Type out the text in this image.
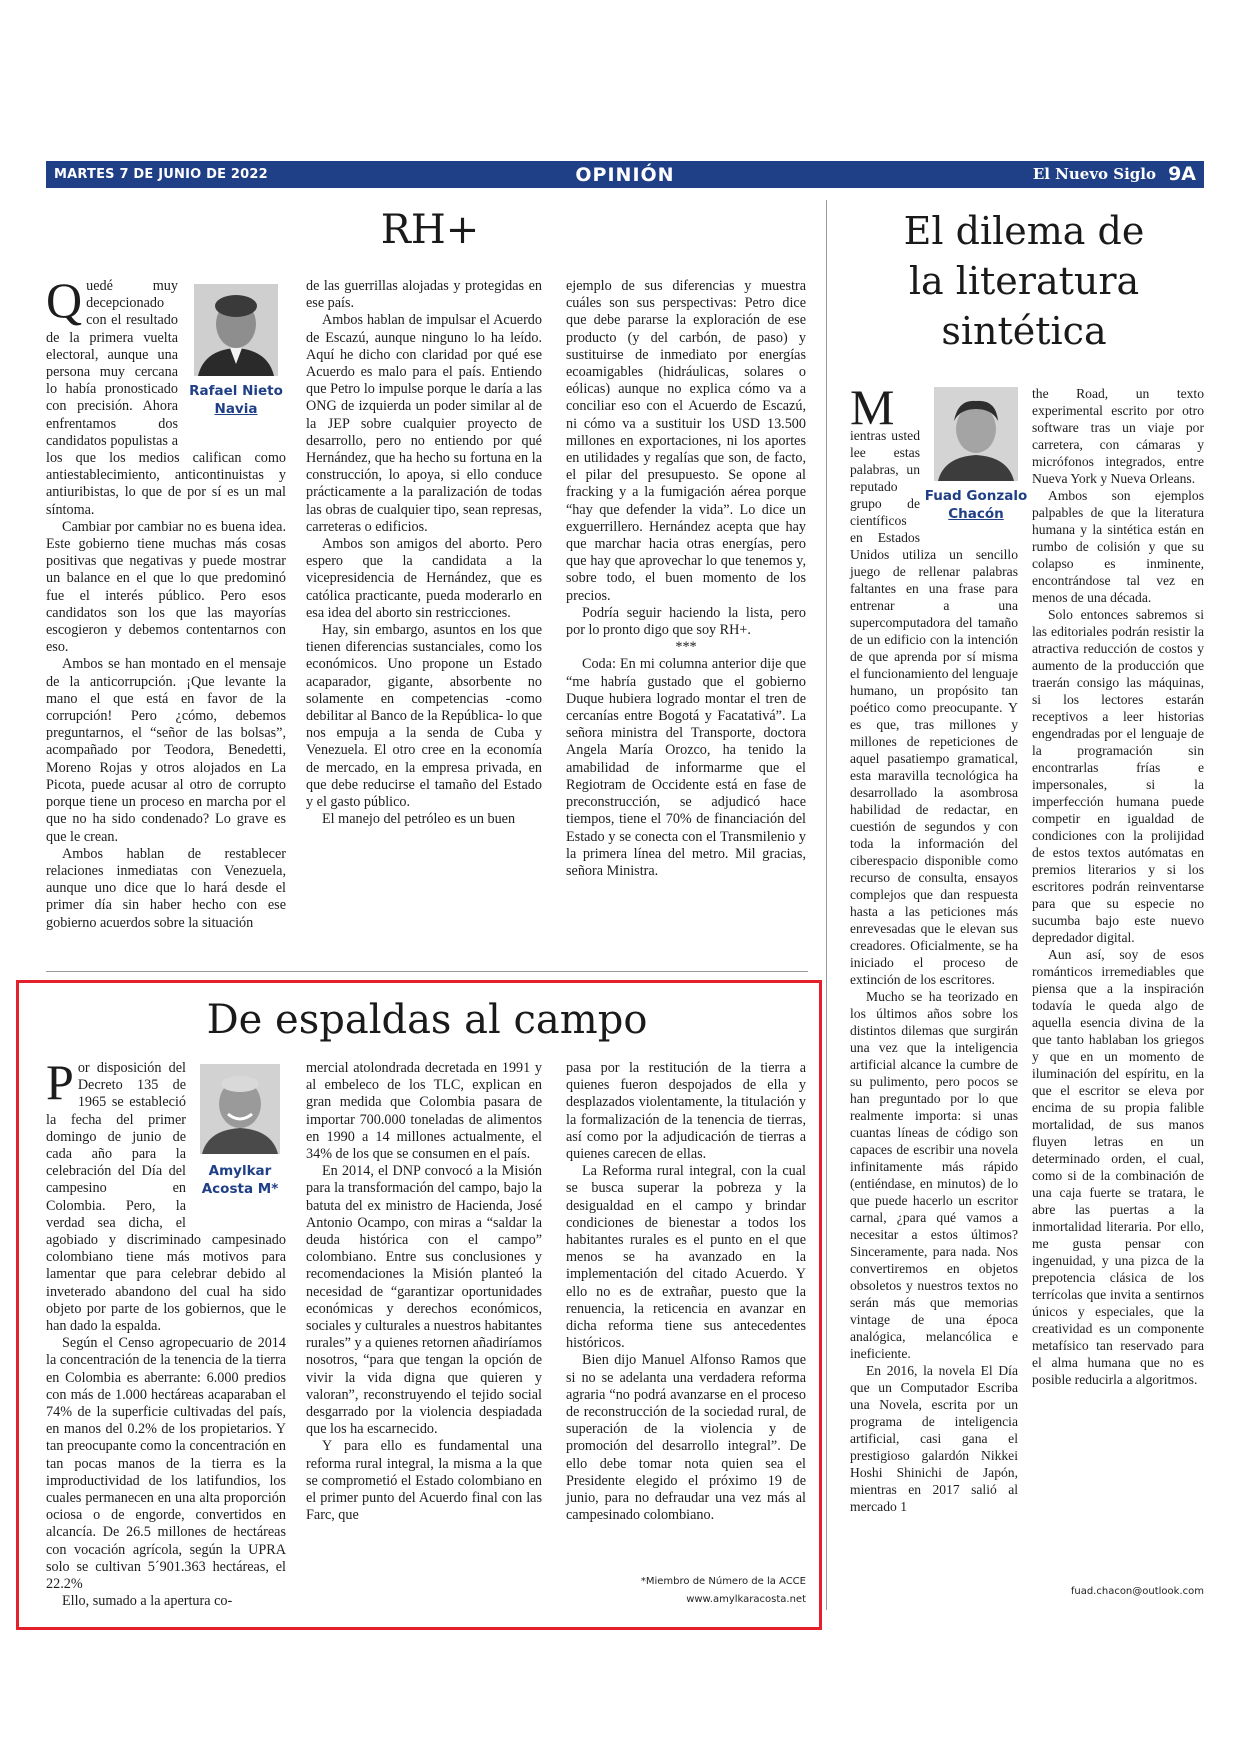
MARTES 7 DE JUNIO DE 2022	OPINIÓN	El Nuevo Siglo 9A
RH+
Rafael Nieto
Navia

Quedé muy decepcionado con el resultado de la primera vuelta electoral, aunque una persona muy cercana lo había pronosticado con precisión. Ahora enfrentamos dos candidatos populistas a los que los medios califican como antiestablecimiento, anticontinuistas y antiuribistas, lo que de por sí es un mal síntoma.

Cambiar por cambiar no es buena idea. Este gobierno tiene muchas más cosas positivas que negativas y puede mostrar un balance en el que lo que predominó fue el interés público. Pero esos candidatos son los que las mayorías escogieron y debemos contentarnos con eso.

Ambos se han montado en el mensaje de la anticorrupción. ¡Que levante la mano el que está en favor de la corrupción! Pero ¿cómo, debemos preguntarnos, el “señor de las bolsas”, acompañado por Teodora, Benedetti, Moreno Rojas y otros alojados en La Picota, puede acusar al otro de corrupto porque tiene un proceso en marcha por el que no ha sido condenado? Lo grave es que le crean.

Ambos hablan de restablecer relaciones inmediatas con Venezuela, aunque uno dice que lo hará desde el primer día sin haber hecho con ese gobierno acuerdos sobre la situación

de las guerrillas alojadas y protegidas en ese país.

Ambos hablan de impulsar el Acuerdo de Escazú, aunque ninguno lo ha leído. Aquí he dicho con claridad por qué ese Acuerdo es malo para el país. Entiendo que Petro lo impulse porque le daría a las ONG de izquierda un poder similar al de la JEP sobre cualquier proyecto de desarrollo, pero no entiendo por qué Hernández, que ha hecho su fortuna en la construcción, lo apoya, si ello conduce prácticamente a la paralización de todas las obras de cualquier tipo, sean represas, carreteras o edificios.

Ambos son amigos del aborto. Pero espero que la candidata a la vicepresidencia de Hernández, que es católica practicante, pueda moderarlo en esa idea del aborto sin restricciones.

Hay, sin embargo, asuntos en los que tienen diferencias sustanciales, como los económicos. Uno propone un Estado acaparador, gigante, absorbente no solamente en competencias -como debilitar al Banco de la República- lo que nos empuja a la senda de Cuba y Venezuela. El otro cree en la economía de mercado, en la empresa privada, en que debe reducirse el tamaño del Estado y el gasto público.

El manejo del petróleo es un buen

ejemplo de sus diferencias y muestra cuáles son sus perspectivas: Petro dice que debe pararse la exploración de ese producto (y del carbón, de paso) y sustituirse de inmediato por energías ecoamigables (hidráulicas, solares o eólicas) aunque no explica cómo va a conciliar eso con el Acuerdo de Escazú, ni cómo va a sustituir los USD 13.500 millones en exportaciones, ni los aportes en utilidades y regalías que son, de facto, el pilar del presupuesto. Se opone al fracking y a la fumigación aérea porque “hay que defender la vida”. Lo dice un exguerrillero. Hernández acepta que hay que marchar hacia otras energías, pero que hay que aprovechar lo que tenemos y, sobre todo, el buen momento de los precios.

Podría seguir haciendo la lista, pero por lo pronto digo que soy RH+.

***

Coda: En mi columna anterior dije que “me habría gustado que el gobierno Duque hubiera logrado montar el tren de cercanías entre Bogotá y Facatativá”. La señora ministra del Transporte, doctora Angela María Orozco, ha tenido la amabilidad de informarme que el Regiotram de Occidente está en fase de preconstrucción, se adjudicó hace tiempos, tiene el 70% de financiación del Estado y se conecta con el Transmilenio y la primera línea del metro. Mil gracias, señora Ministra.

De espaldas al campo
Amylkar
Acosta M*

Por disposición del Decreto 135 de 1965 se estableció la fecha del primer domingo de junio de cada año para la celebración del Día del campesino en Colombia. Pero, la verdad sea dicha, el agobiado y discriminado campesinado colombiano tiene más motivos para lamentar que para celebrar debido al inveterado abandono del cual ha sido objeto por parte de los gobiernos, que le han dado la espalda.

Según el Censo agropecuario de 2014 la concentración de la tenencia de la tierra en Colombia es aberrante: 6.000 predios con más de 1.000 hectáreas acaparaban el 74% de la superficie cultivadas del país, en manos del 0.2% de los propietarios. Y tan preocupante como la concentración en tan pocas manos de la tierra es la improductividad de los latifundios, los cuales permanecen en una alta proporción ociosa o de engorde, convertidos en alcancía. De 26.5 millones de hectáreas con vocación agrícola, según la UPRA solo se cultivan 5´901.363 hectáreas, el 22.2%

Ello, sumado a la apertura co-

mercial atolondrada decretada en 1991 y al embeleco de los TLC, explican en gran medida que Colombia pasara de importar 700.000 toneladas de alimentos en 1990 a 14 millones actualmente, el 34% de los que se consumen en el país.

En 2014, el DNP convocó a la Misión para la transformación del campo, bajo la batuta del ex ministro de Hacienda, José Antonio Ocampo, con miras a “saldar la deuda histórica con el campo” colombiano. Entre sus conclusiones y recomendaciones la Misión planteó la necesidad de “garantizar oportunidades económicas y derechos económicos, sociales y culturales a nuestros habitantes rurales” y a quienes retornen añadiríamos nosotros, “para que tengan la opción de vivir la vida digna que quieren y valoran”, reconstruyendo el tejido social desgarrado por la violencia despiadada que los ha escarnecido.

Y para ello es fundamental una reforma rural integral, la misma a la que se comprometió el Estado colombiano en el primer punto del Acuerdo final con las Farc, que

pasa por la restitución de la tierra a quienes fueron despojados de ella y desplazados violentamente, la titulación y la formalización de la tenencia de tierras, así como por la adjudicación de tierras a quienes carecen de ellas.

La Reforma rural integral, con la cual se busca superar la pobreza y la desigualdad en el campo y brindar condiciones de bienestar a todos los habitantes rurales es el punto en el que menos se ha avanzado en la implementación del citado Acuerdo. Y ello no es de extrañar, puesto que la renuencia, la reticencia en avanzar en dicha reforma tiene sus antecedentes históricos.

Bien dijo Manuel Alfonso Ramos que si no se adelanta una verdadera reforma agraria “no podrá avanzarse en el proceso de reconstrucción de la sociedad rural, de superación de la violencia y de promoción del desarrollo integral”. De ello debe tomar nota quien sea el Presidente elegido el próximo 19 de junio, para no defraudar una vez más al campesinado colombiano.

*Miembro de Número de la ACCE
www.amylkaracosta.net
El dilema de
la literatura
sintética
Fuad Gonzalo
Chacón

M
ientras usted lee estas palabras, un reputado grupo de científicos en Estados Unidos utiliza un sencillo juego de rellenar palabras faltantes en una frase para entrenar a una supercomputadora del tamaño de un edificio con la intención de que aprenda por sí misma el funcionamiento del lenguaje humano, un propósito tan poético como preocupante. Y es que, tras millones y millones de repeticiones de aquel pasatiempo gramatical, esta maravilla tecnológica ha desarrollado la asombrosa habilidad de redactar, en cuestión de segundos y con toda la información del ciberespacio disponible como recurso de consulta, ensayos complejos que dan respuesta hasta a las peticiones más enrevesadas que le elevan sus creadores. Oficialmente, se ha iniciado el proceso de extinción de los escritores.

Mucho se ha teorizado en los últimos años sobre los distintos dilemas que surgirán una vez que la inteligencia artificial alcance la cumbre de su pulimento, pero pocos se han preguntado por lo que realmente importa: si unas cuantas líneas de código son capaces de escribir una novela infinitamente más rápido (entiéndase, en minutos) de lo que puede hacerlo un escritor carnal, ¿para qué vamos a necesitar a estos últimos? Sinceramente, para nada. Nos convertiremos en objetos obsoletos y nuestros textos no serán más que memorias vintage de una época analógica, melancólica e ineficiente.

En 2016, la novela El Día que un Computador Escriba una Novela, escrita por un programa de inteligencia artificial, casi gana el prestigioso galardón Nikkei Hoshi Shinichi de Japón, mientras en 2017 salió al mercado 1

the Road, un texto experimental escrito por otro software tras un viaje por carretera, con cámaras y micrófonos integrados, entre Nueva York y Nueva Orleans.

Ambos son ejemplos palpables de que la literatura humana y la sintética están en rumbo de colisión y que su colapso es inminente, encontrándose tal vez en menos de una década.

Solo entonces sabremos si las editoriales podrán resistir la atractiva reducción de costos y aumento de la producción que traerán consigo las máquinas, si los lectores estarán receptivos a leer historias engendradas por el lenguaje de la programación sin encontrarlas frías e impersonales, si la imperfección humana puede competir en igualdad de condiciones con la prolijidad de estos textos autómatas en premios literarios y si los escritores podrán reinventarse para que su especie no sucumba bajo este nuevo depredador digital.

Aun así, soy de esos románticos irremediables que piensa que a la inspiración todavía le queda algo de aquella esencia divina de la que tanto hablaban los griegos y que en un momento de iluminación del espíritu, en la que el escritor se eleva por encima de su propia falible mortalidad, de sus manos fluyen letras en un determinado orden, el cual, como si de la combinación de una caja fuerte se tratara, le abre las puertas a la inmortalidad literaria. Por ello, me gusta pensar con ingenuidad, y una pizca de la prepotencia clásica de los terrícolas que invita a sentirnos únicos y especiales, que la creatividad es un componente metafísico tan reservado para el alma humana que no es posible reducirla a algoritmos.

fuad.chacon@outlook.com
